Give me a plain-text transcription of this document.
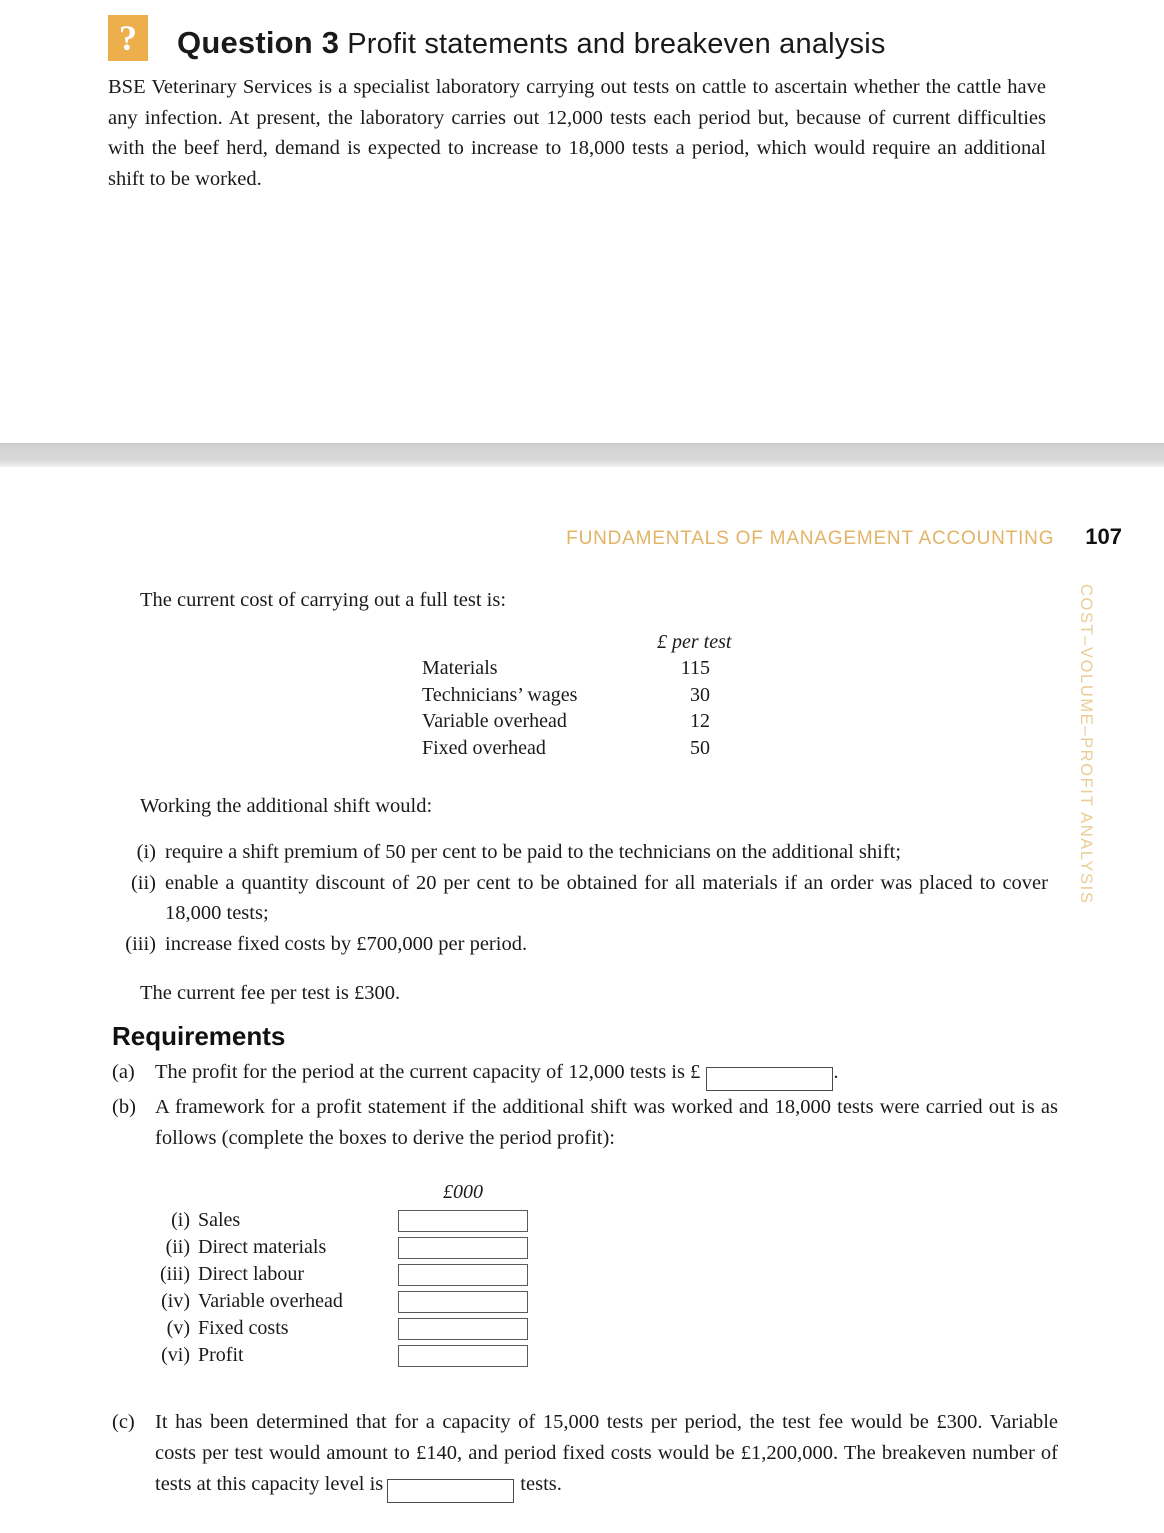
?	Question 3 Profit statements and breakeven analysis

BSE Veterinary Services is a specialist laboratory carrying out tests on cattle to ascertain whether the cattle have any infection. At present, the laboratory carries out 12,000 tests each period but, because of current difficulties with the beef herd, demand is expected to increase to 18,000 tests a period, which would require an additional shift to be worked.

FUNDAMENTALS OF MANAGEMENT ACCOUNTING 107
COST–VOLUME–PROFIT ANALYSIS

The current cost of carrying out a full test is:

£ per test
Materials	115
Technicians’ wages	30
Variable overhead	12
Fixed overhead	50

Working the additional shift would:

(i) require a shift premium of 50 per cent to be paid to the technicians on the additional shift;
(ii) enable a quantity discount of 20 per cent to be obtained for all materials if an order was placed to cover 18,000 tests;
(iii) increase fixed costs by £700,000 per period.

The current fee per test is £300.

Requirements
(a) The profit for the period at the current capacity of 12,000 tests is £	.
(b) A framework for a profit statement if the additional shift was worked and 18,000 tests were carried out is as follows (complete the boxes to derive the period profit):
£000
(i) Sales
(ii) Direct materials
(iii) Direct labour
(iv) Variable overhead
(v) Fixed costs
(vi) Profit
(c) It has been determined that for a capacity of 15,000 tests per period, the test fee would be £300. Variable costs per test would amount to £140, and period fixed costs would be £1,200,000. The breakeven number of tests at this capacity level is	tests.
